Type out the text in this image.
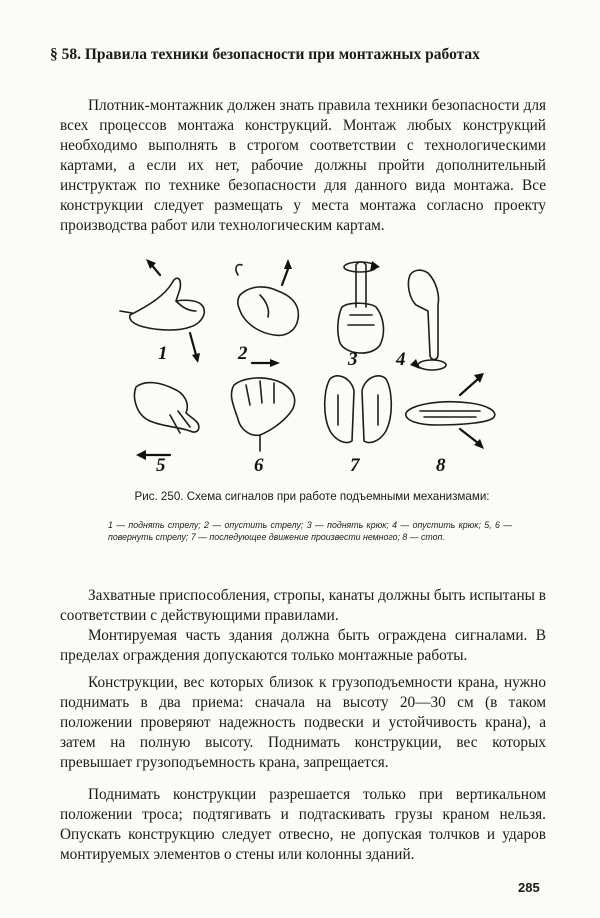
§ 58. Правила техники безопасности при монтажных работах

Плотник-монтажник должен знать правила техники безопасности для всех процессов монтажа конструкций. Монтаж любых конструкций необходимо выполнять в строгом соответствии с технологическими картами, а если их нет, рабочие должны пройти дополнительный инструктаж по технике безопасности для данного вида монтажа. Все конструкции следует размещать у места монтажа согласно проекту производства работ или технологическим картам.

1	2	3 4
5	6	7	8

Рис. 250. Схема сигналов при работе подъемными механизмами:

1 — поднять стрелу; 2 — опустить стрелу; 3 — поднять крюк; 4 — опустить крюк; 5, 6 — повернуть стрелу; 7 — последующее движение произвести немного; 8 — стоп.

Захватные приспособления, стропы, канаты должны быть испытаны в соответствии с действующими правилами.

Монтируемая часть здания должна быть ограждена сигналами. В пределах ограждения допускаются только монтажные работы.

Конструкции, вес которых близок к грузоподъемности крана, нужно поднимать в два приема: сначала на высоту 20—30 см (в таком положении проверяют надежность подвески и устойчивость крана), а затем на полную высоту. Поднимать конструкции, вес которых превышает грузоподъемность крана, запрещается.

Поднимать конструкции разрешается только при вертикальном положении троса; подтягивать и подтаскивать грузы краном нельзя. Опускать конструкцию следует отвесно, не допуская толчков и ударов монтируемых элементов о стены или колонны зданий.

285
